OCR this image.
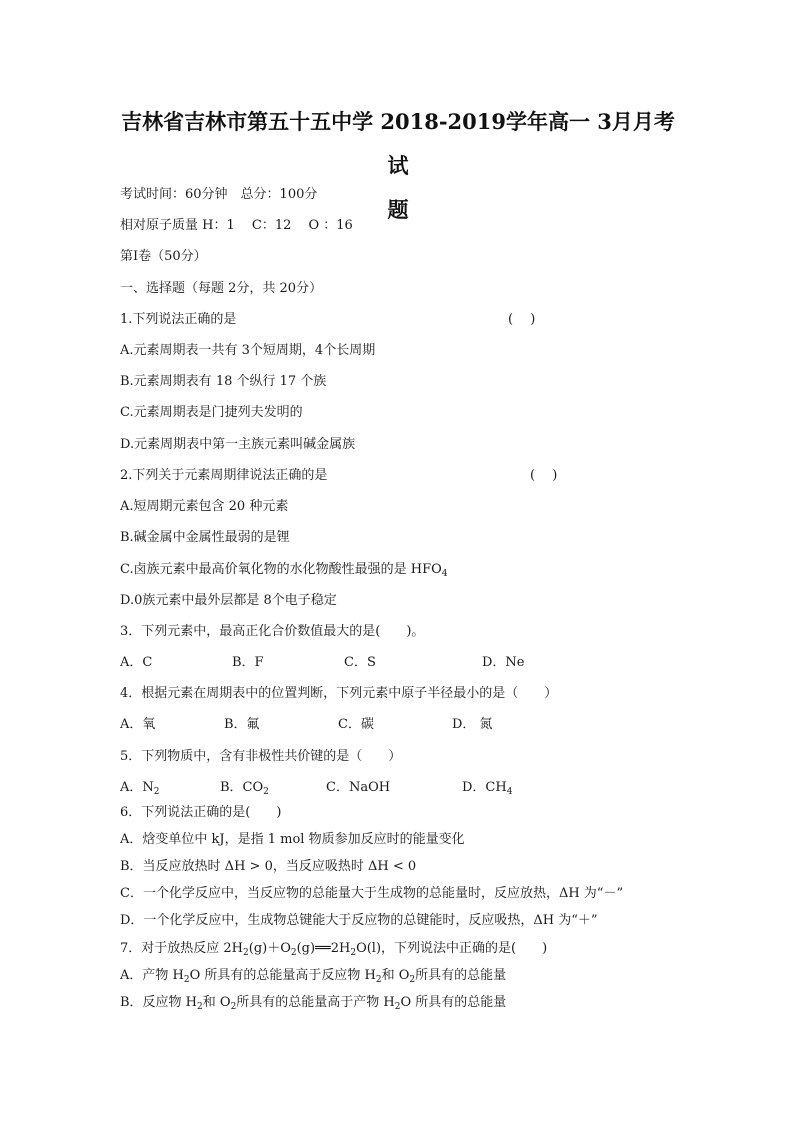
吉林省吉林市第五十五中学 2018-2019学年高一 3月月考试
题
考试时间：60分钟　总分：100分
相对原子质量 H：1　 C：12　 O ：16
第I卷（50分）
一、选择题（每题 2分，共 20分）
1.下列说法正确的是	(　 )
A.元素周期表一共有 3个短周期，4个长周期
B.元素周期表有 18 个纵行 17 个族
C.元素周期表是门捷列夫发明的
D.元素周期表中第一主族元素叫碱金属族
2.下列关于元素周期律说法正确的是	(　 )
A.短周期元素包含 20 种元素
B.碱金属中金属性最弱的是锂
C.卤族元素中最高价氧化物的水化物酸性最强的是 $HFO_4$
D.0族元素中最外层都是 8个电子稳定
3．下列元素中，最高正化合价数值最大的是(　　)。
A．C	B．F	C．S	D．Ne
4．根据元素在周期表中的位置判断，下列元素中原子半径最小的是（　　）
A．氧	B．氟	C．碳	D． 氮
5．下列物质中，含有非极性共价键的是（　　）
A．$N_2$	B．$CO_2$	C．NaOH	D．$CH_4$
6．下列说法正确的是(　　)
A．焓变单位中 kJ，是指 1 mol 物质参加反应时的能量变化
B．当反应放热时 ΔH > 0，当反应吸热时 ΔH < 0
C．一个化学反应中，当反应物的总能量大于生成物的总能量时，反应放热，ΔH 为“－”
D．一个化学反应中，生成物总键能大于反应物的总键能时，反应吸热，ΔH 为“＋”
7．对于放热反应 $2H_2(g)+O_2(g)══2H_2O(l)$，下列说法中正确的是(　　)
A．产物 $H_2O$ 所具有的总能量高于反应物 $H_2$和 $O_2$所具有的总能量
B．反应物 $H_2$和 $O_2$所具有的总能量高于产物 $H_2O$ 所具有的总能量
